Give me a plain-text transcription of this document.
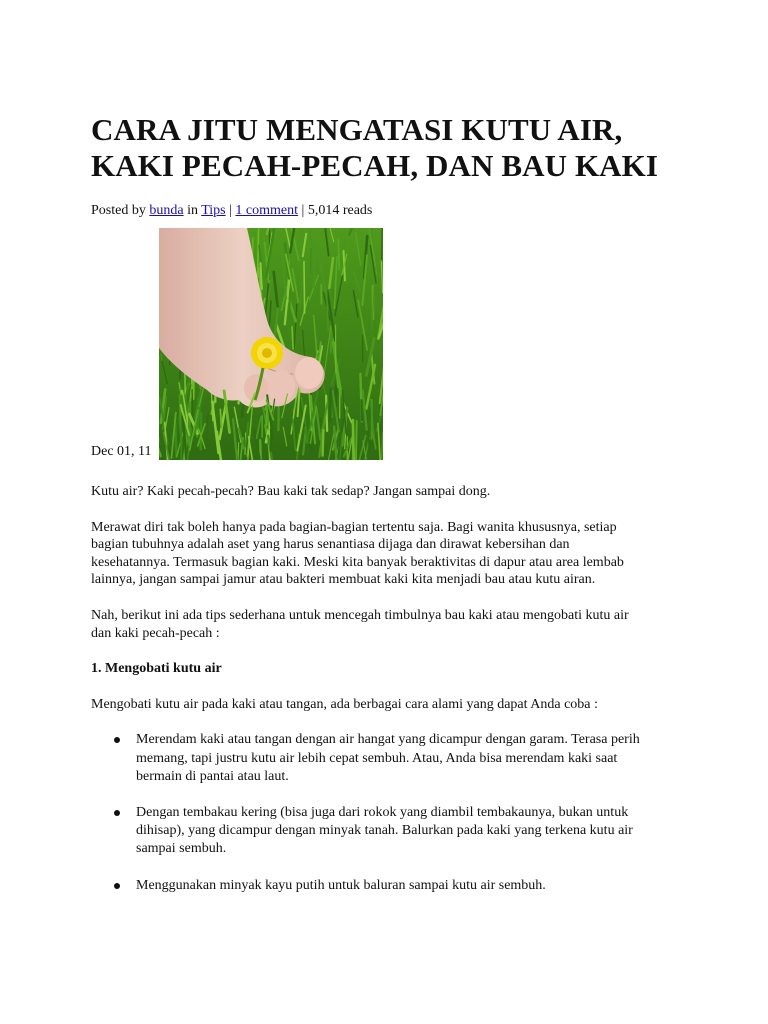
CARA JITU MENGATASI KUTU AIR,
KAKI PECAH-PECAH, DAN BAU KAKI
Posted by bunda in Tips | 1 comment | 5,014 reads
Dec 01, 11

Kutu air? Kaki pecah-pecah? Bau kaki tak sedap? Jangan sampai dong.

Merawat diri tak boleh hanya pada bagian-bagian tertentu saja. Bagi wanita khususnya, setiap
bagian tubuhnya adalah aset yang harus senantiasa dijaga dan dirawat kebersihan dan
kesehatannya. Termasuk bagian kaki. Meski kita banyak beraktivitas di dapur atau area lembab
lainnya, jangan sampai jamur atau bakteri membuat kaki kita menjadi bau atau kutu airan.

Nah, berikut ini ada tips sederhana untuk mencegah timbulnya bau kaki atau mengobati kutu air
dan kaki pecah-pecah :

1. Mengobati kutu air

Mengobati kutu air pada kaki atau tangan, ada berbagai cara alami yang dapat Anda coba :

Merendam kaki atau tangan dengan air hangat yang dicampur dengan garam. Terasa perih
memang, tapi justru kutu air lebih cepat sembuh. Atau, Anda bisa merendam kaki saat
bermain di pantai atau laut.
Dengan tembakau kering (bisa juga dari rokok yang diambil tembakaunya, bukan untuk
dihisap), yang dicampur dengan minyak tanah. Balurkan pada kaki yang terkena kutu air
sampai sembuh.
Menggunakan minyak kayu putih untuk baluran sampai kutu air sembuh.
